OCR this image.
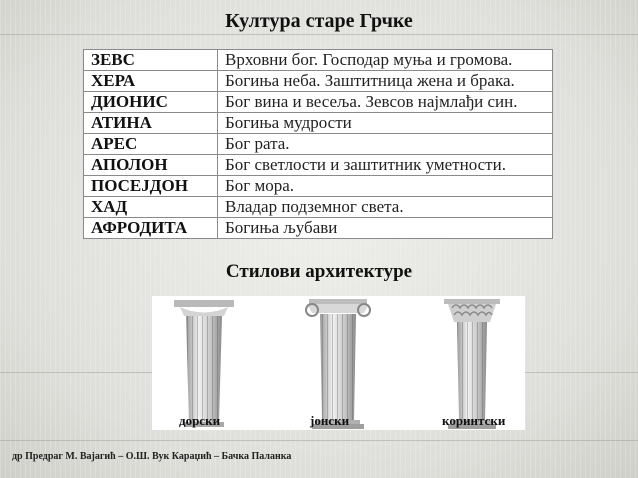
Култура старе Грчке
ЗЕВС	Врховни бог. Господар муња и громова.
ХЕРА	Богиња неба. Заштитница жена и брака.
ДИОНИС	Бог вина и весеља. Зевсов најмлађи син.
АТИНА	Богиња мудрости
АРЕС	Бог рата.
АПОЛОН	Бог светлости и заштитник уметности.
ПОСЕЈДОН	Бог мора.
ХАД	Владар подземног света.
АФРОДИТА	Богиња љубави
Стилови архитектуре
дорски	јонски	коринтски
др Предраг М. Вајагић – О.Ш. Вук Караџић – Бачка Паланка
